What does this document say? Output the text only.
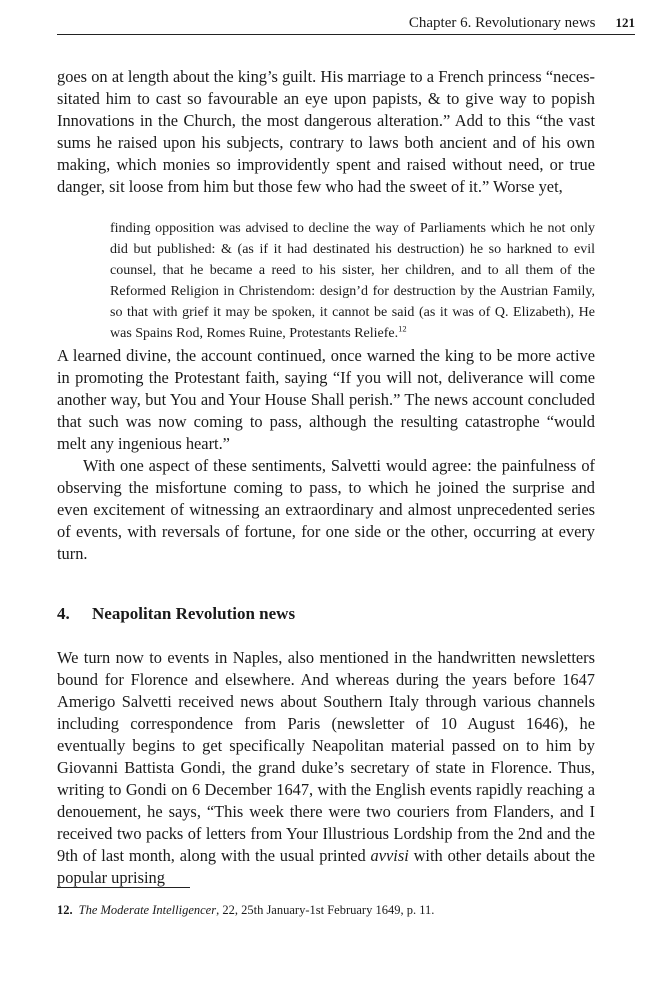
Chapter 6. Revolutionary news 121

goes on at length about the king’s guilt. His marriage to a French princess “necessitated him to cast so favourable an eye upon papists, & to give way to popish Innovations in the Church, the most dangerous alteration.” Add to this “the vast sums he raised upon his subjects, contrary to laws both ancient and of his own making, which monies so improvidently spent and raised without need, or true danger, sit loose from him but those few who had the sweet of it.” Worse yet,

finding opposition was advised to decline the way of Parliaments which he not only did but published: & (as if it had destinated his destruction) he so harkned to evil counsel, that he became a reed to his sister, her children, and to all them of the Reformed Religion in Christendom: design’d for destruction by the Austrian Family, so that with grief it may be spoken, it cannot be said (as it was of Q. Elizabeth), He was Spains Rod, Romes Ruine, Protestants Reliefe.$^{12}$

A learned divine, the account continued, once warned the king to be more active in promoting the Protestant faith, saying “If you will not, deliverance will come another way, but You and Your House Shall perish.” The news account concluded that such was now coming to pass, although the resulting catastrophe “would melt any ingenious heart.”

With one aspect of these sentiments, Salvetti would agree: the painfulness of observing the misfortune coming to pass, to which he joined the surprise and even excitement of witnessing an extraordinary and almost unprecedented series of events, with reversals of fortune, for one side or the other, occurring at every turn.

4. Neapolitan Revolution news

We turn now to events in Naples, also mentioned in the handwritten newsletters bound for Florence and elsewhere. And whereas during the years before 1647 Amerigo Salvetti received news about Southern Italy through various channels including correspondence from Paris (newsletter of 10 August 1646), he eventually begins to get specifically Neapolitan material passed on to him by Giovanni Battista Gondi, the grand duke’s secretary of state in Florence. Thus, writing to Gondi on 6 December 1647, with the English events rapidly reaching a denouement, he says, “This week there were two couriers from Flanders, and I received two packs of letters from Your Illustrious Lordship from the 2nd and the 9th of last month, along with the usual printed avvisi with other details about the popular uprising

12. The Moderate Intelligencer, 22, 25th January-1st February 1649, p. 11.
